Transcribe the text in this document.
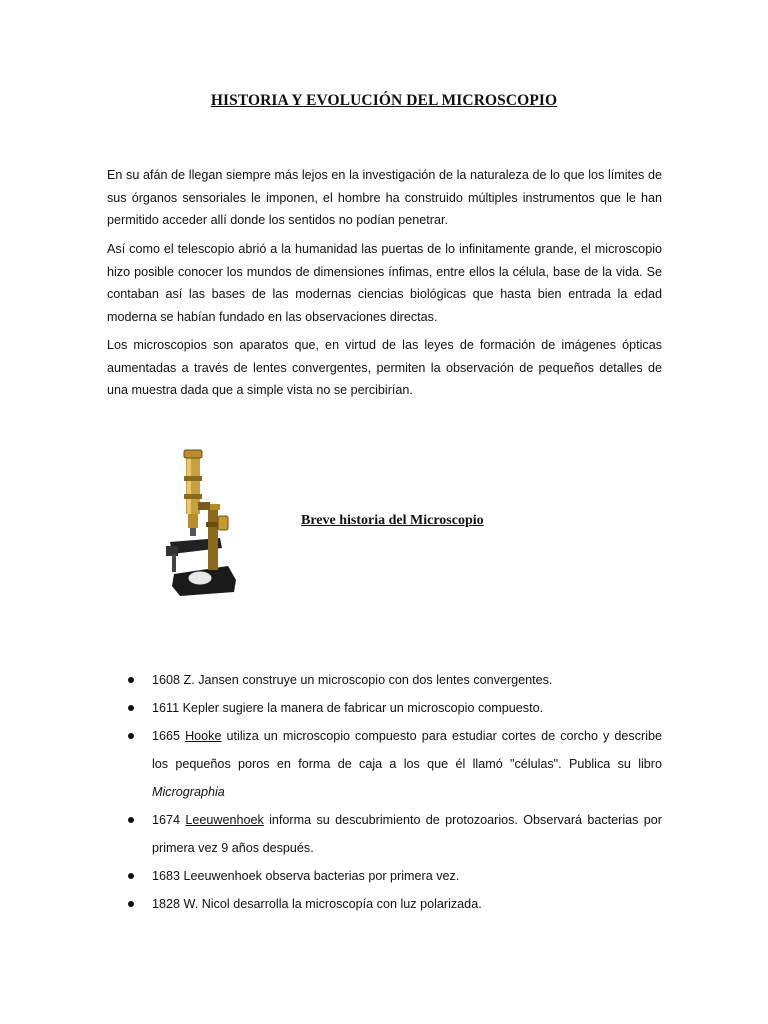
HISTORIA Y EVOLUCIÓN DEL MICROSCOPIO

En su afán de llegan siempre más lejos en la investigación de la naturaleza de lo que los límites de sus órganos sensoriales le imponen, el hombre ha construido múltiples instrumentos que le han permitido acceder allí donde los sentidos no podían penetrar.

Así como el telescopio abrió a la humanidad las puertas de lo infinitamente grande, el microscopio hizo posible conocer los mundos de dimensiones ínfimas, entre ellos la célula, base de la vida. Se contaban así las bases de las modernas ciencias biológicas que hasta bien entrada la edad moderna se habían fundado en las observaciones directas.

Los microscopios son aparatos que, en virtud de las leyes de formación de imágenes ópticas aumentadas a través de lentes convergentes, permiten la observación de pequeños detalles de una muestra dada que a simple vista no se percibirían.

Breve historia del Microscopio
1608 Z. Jansen construye un microscopio con dos lentes convergentes.
1611 Kepler sugiere la manera de fabricar un microscopio compuesto.
1665 Hooke utiliza un microscopio compuesto para estudiar cortes de corcho y describe los pequeños poros en forma de caja a los que él llamó "células". Publica su libro Micrographia
1674 Leeuwenhoek informa su descubrimiento de protozoarios. Observará bacterias por primera vez 9 años después.
1683 Leeuwenhoek observa bacterias por primera vez.
1828 W. Nicol desarrolla la microscopía con luz polarizada.
